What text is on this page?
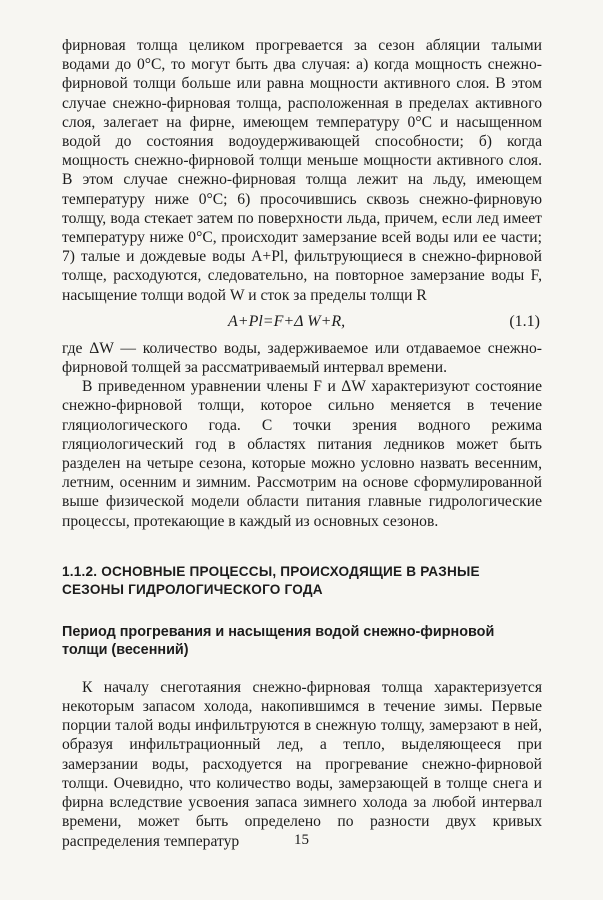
фирновая толща целиком прогревается за сезон абляции талыми водами до 0°С, то могут быть два случая: а) когда мощность снежно-фирновой толщи больше или равна мощности активного слоя. В этом случае снежно-фирновая толща, расположенная в пределах активного слоя, залегает на фирне, имеющем температуру 0°С и насыщенном водой до состояния водоудерживающей способности; б) когда мощность снежно-фирновой толщи меньше мощности активного слоя. В этом случае снежно-фирновая толща лежит на льду, имеющем температуру ниже 0°С; 6) просочившись сквозь снежно-фирновую толщу, вода стекает затем по поверхности льда, причем, если лед имеет температуру ниже 0°С, происходит замерзание всей воды или ее части; 7) талые и дождевые воды A+Pl, фильтрующиеся в снежно-фирновой толще, расходуются, следовательно, на повторное замерзание воды F, насыщение толщи водой W и сток за пределы толщи R

A+Pl=F+Δ W+R,	(1.1)

где ΔW — количество воды, задерживаемое или отдаваемое снежно-фирновой толщей за рассматриваемый интервал времени.

В приведенном уравнении члены F и ΔW характеризуют состояние снежно-фирновой толщи, которое сильно меняется в течение гляциологического года. С точки зрения водного режима гляциологический год в областях питания ледников может быть разделен на четыре сезона, которые можно условно назвать весенним, летним, осенним и зимним. Рассмотрим на основе сформулированной выше физической модели области питания главные гидрологические процессы, протекающие в каждый из основных сезонов.

1.1.2. ОСНОВНЫЕ ПРОЦЕССЫ, ПРОИСХОДЯЩИЕ В РАЗНЫЕ СЕЗОНЫ ГИДРОЛОГИЧЕСКОГО ГОДА
Период прогревания и насыщения водой снежно-фирновой толщи (весенний)

К началу снеготаяния снежно-фирновая толща характеризуется некоторым запасом холода, накопившимся в течение зимы. Первые порции талой воды инфильтруются в снежную толщу, замерзают в ней, образуя инфильтрационный лед, а тепло, выделяющееся при замерзании воды, расходуется на прогревание снежно-фирновой толщи. Очевидно, что количество воды, замерзающей в толще снега и фирна вследствие усвоения запаса зимнего холода за любой интервал времени, может быть определено по разности двух кривых распределения температур	15
